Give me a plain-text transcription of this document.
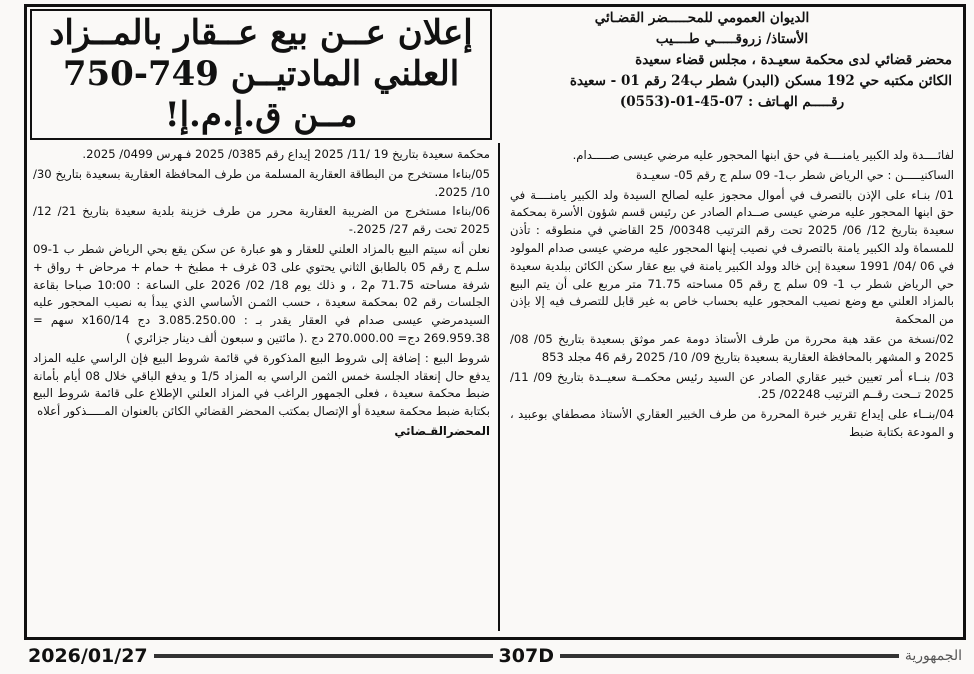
إعلان عــن بيع عــقار بالمــزاد
العلني المادتيــن 749-750
مــن ق.إ.م.إ!
الديوان العمومي للمحـــــضر القضـائي
الأستاذ/ زروقـــــي طــــيب
محضر قضائي لدى محكمة سعيـدة ، مجلس قضاء سعيدة
الكائن مكتبه حي 192 مسكن (البدر) شطر ب24 رقم 01 - سعيدة
رقـــــم الهـاتف : 07-45-01-(0553)

لفائــــدة ولد الكبير يامنــــة في حق ابنها المحجور عليه مرضي عيسى صـــــدام.

الساكنيـــــن : حي الرياض شطر ب1- 09 سلم ج رقم 05- سعيـدة

01/ بنـاء على الإذن بالتصرف في أموال محجوز عليه لصالح السيدة ولد الكبير يامنــــة في حق ابنها المحجور عليه مرضي عيسى صــدام الصادر عن رئيس قسم شؤون الأسرة بمحكمة سعيدة بتاريخ 12/ 06/ 2025 تحت رقم الترتيب 00348/ 25 القاضي في منطوقه : تأذن للمسماة ولد الكبير يامنة بالتصرف في نصيب إبنها المحجور عليه مرضي عيسى صدام المولود في 06 /04/ 1991 سعيدة إبن خالد وولد الكبير يامنة في بيع عقار سكن الكائن ببلدية سعيدة حي الرياض شطر ب 1- 09 سلم ج رقم 05 مساحته 71.75 متر مربع على أن يتم البيع بالمزاد العلني مع وضع نصيب المحجور عليه بحساب خاص به غير قابل للتصرف فيه إلا بإذن من المحكمة

02/نسخة من عقد هبة محررة من طرف الأستاذ دومة عمر موثق بسعيدة بتاريخ 05/ 08/ 2025 و المشهر بالمحافظة العقارية بسعيدة بتاريخ 09/ 10/ 2025 رقم 46 مجلد 853

03/ بنــاء أمر تعيين خبير عقاري الصادر عن السيد رئيس محكمــة سعيــدة بتاريخ 09/ 11/ 2025 تــحت رقــم الترتيب 02248/ 25.

04/بنــاء على إيداع تقرير خبرة المحررة من طرف الخبير العقاري الأستاذ مصطفاي بوعبيد ، و المودعة بكتابة ضبط

محكمة سعيدة بتاريخ 19 /11/ 2025 إيداع رقم 0385/ 2025 فـهرس 0499/ 2025.

05/بناءا مستخرج من البطاقة العقارية المسلمة من طرف المحافظة العقارية بسعيدة بتاريخ 30/ 10/ 2025.

06/بناءا مستخرج من الضريبة العقارية محرر من طرف خزينة بلدية سعيدة بتاريخ 21/ 12/ 2025 تحت رقم 27/ 2025.-

نعلن أنه سيتم البيع بالمزاد العلني للعقار و هو عبارة عن سكن يقع بحي الرياض شطر ب 1-09 سلـم ج رقم 05 بالطابق الثاني يحتوي على 03 غرف + مطبخ + حمام + مرحاض + رواق + شرفة مساحته 71.75 م2 ، و ذلك يوم 18/ 02/ 2026 على الساعة : 10:00 صباحا بقاعة الجلسات رقم 02 بمحكمة سعيدة ، حسب الثمـن الأساسي الذي يبدأ به نصيب المحجور عليه السيدمرضي عيسى صدام في العقار يقدر بـ : 3.085.250.00 دج x160/14 سهم = 269.959.38 دج= 270.000.00 دج .( مائتين و سبعون ألف دينار جزائري )

شروط البيع : إضافة إلى شروط البيع المذكورة في قائمة شروط البيع فإن الراسي عليه المزاد يدفع حال إنعقاد الجلسة خمس الثمن الراسي به المزاد 1/5 و يدفع الباقي خلال 08 أيام بأمانة ضبط محكمة سعيدة ، فعلى الجمهور الراغب في المزاد العلني الإطلاع على قائمة شروط البيع بكتابة ضبط محكمة سعيدة أو الإتصال بمكتب المحضر القضائي الكائن بالعنوان المـــــذكور أعلاه

المحضرالقـضائي

2026/01/27	307D	الجمهورية
